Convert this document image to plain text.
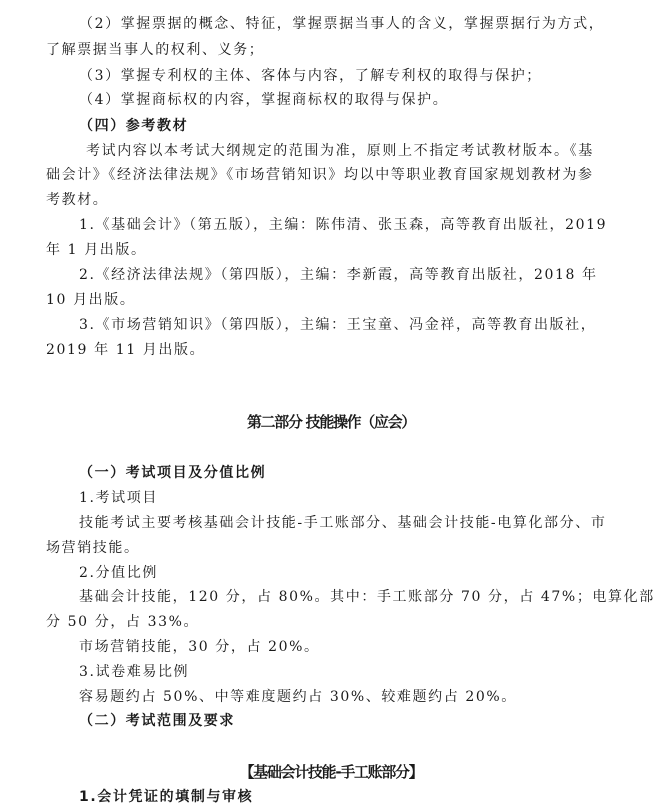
（2）掌握票据的概念、特征，掌握票据当事人的含义，掌握票据行为方式，
了解票据当事人的权利、义务；
（3）掌握专利权的主体、客体与内容，了解专利权的取得与保护；
（4）掌握商标权的内容，掌握商标权的取得与保护。
（四）参考教材
考试内容以本考试大纲规定的范围为准，原则上不指定考试教材版本。《基
础会计》《经济法律法规》《市场营销知识》均以中等职业教育国家规划教材为参
考教材。
1.《基础会计》（第五版），主编：陈伟清、张玉森，高等教育出版社，2019
年 1 月出版。
2.《经济法律法规》（第四版），主编：李新霞，高等教育出版社，2018 年
10 月出版。
3.《市场营销知识》（第四版），主编：王宝童、冯金祥，高等教育出版社，
2019 年 11 月出版。
第二部分 技能操作（应会）
（一）考试项目及分值比例
1.考试项目
技能考试主要考核基础会计技能-手工账部分、基础会计技能-电算化部分、市
场营销技能。
2.分值比例
基础会计技能，120 分，占 80%。其中：手工账部分 70 分，占 47%；电算化部
分 50 分，占 33%。
市场营销技能，30 分，占 20%。
3.试卷难易比例
容易题约占 50%、中等难度题约占 30%、较难题约占 20%。
（二）考试范围及要求
【基础会计技能-手工账部分】
1.会计凭证的填制与审核
